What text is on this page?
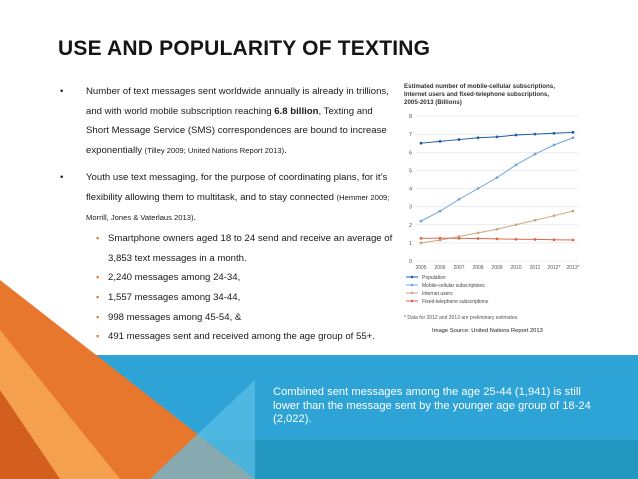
USE AND POPULARITY OF TEXTING
• Number of text messages sent worldwide annually is already in trillions, and with world mobile subscription reaching 6.8 billion, Texting and Short Message Service (SMS) correspondences are bound to increase exponentially (Tilley 2009; United Nations Report 2013).
• Youth use text messaging, for the purpose of coordinating plans, for it’s flexibility allowing them to multitask, and to stay connected (Hemmer 2009; Morrill, Jones & Vaterlaus 2013).
▪ Smartphone owners aged 18 to 24 send and receive an average of 3,853 text messages in a month.
▪ 2,240 messages among 24-34,
▪ 1,557 messages among 34-44,
▪ 998 messages among 45-54, &
▪ 491 messages sent and received among the age group of 55+.
Estimated number of mobile-cellular subscriptions, Internet users and fixed-telephone subscriptions, 2005-2013 (Billions)
0
1
2
3
4
5
6
7
8
2005 2006 2007 2008 2009 2010 2011 2012* 2013*
Population
Mobile-cellular subscriptions
Internet users
Fixed-telephone subscriptions
* Data for 2012 and 2013 are preliminary estimates.
Image Source: United Nations Report 2013
Combined sent messages among the age 25-44 (1,941) is still lower than the message sent by the younger age group of 18-24 (2,022).
